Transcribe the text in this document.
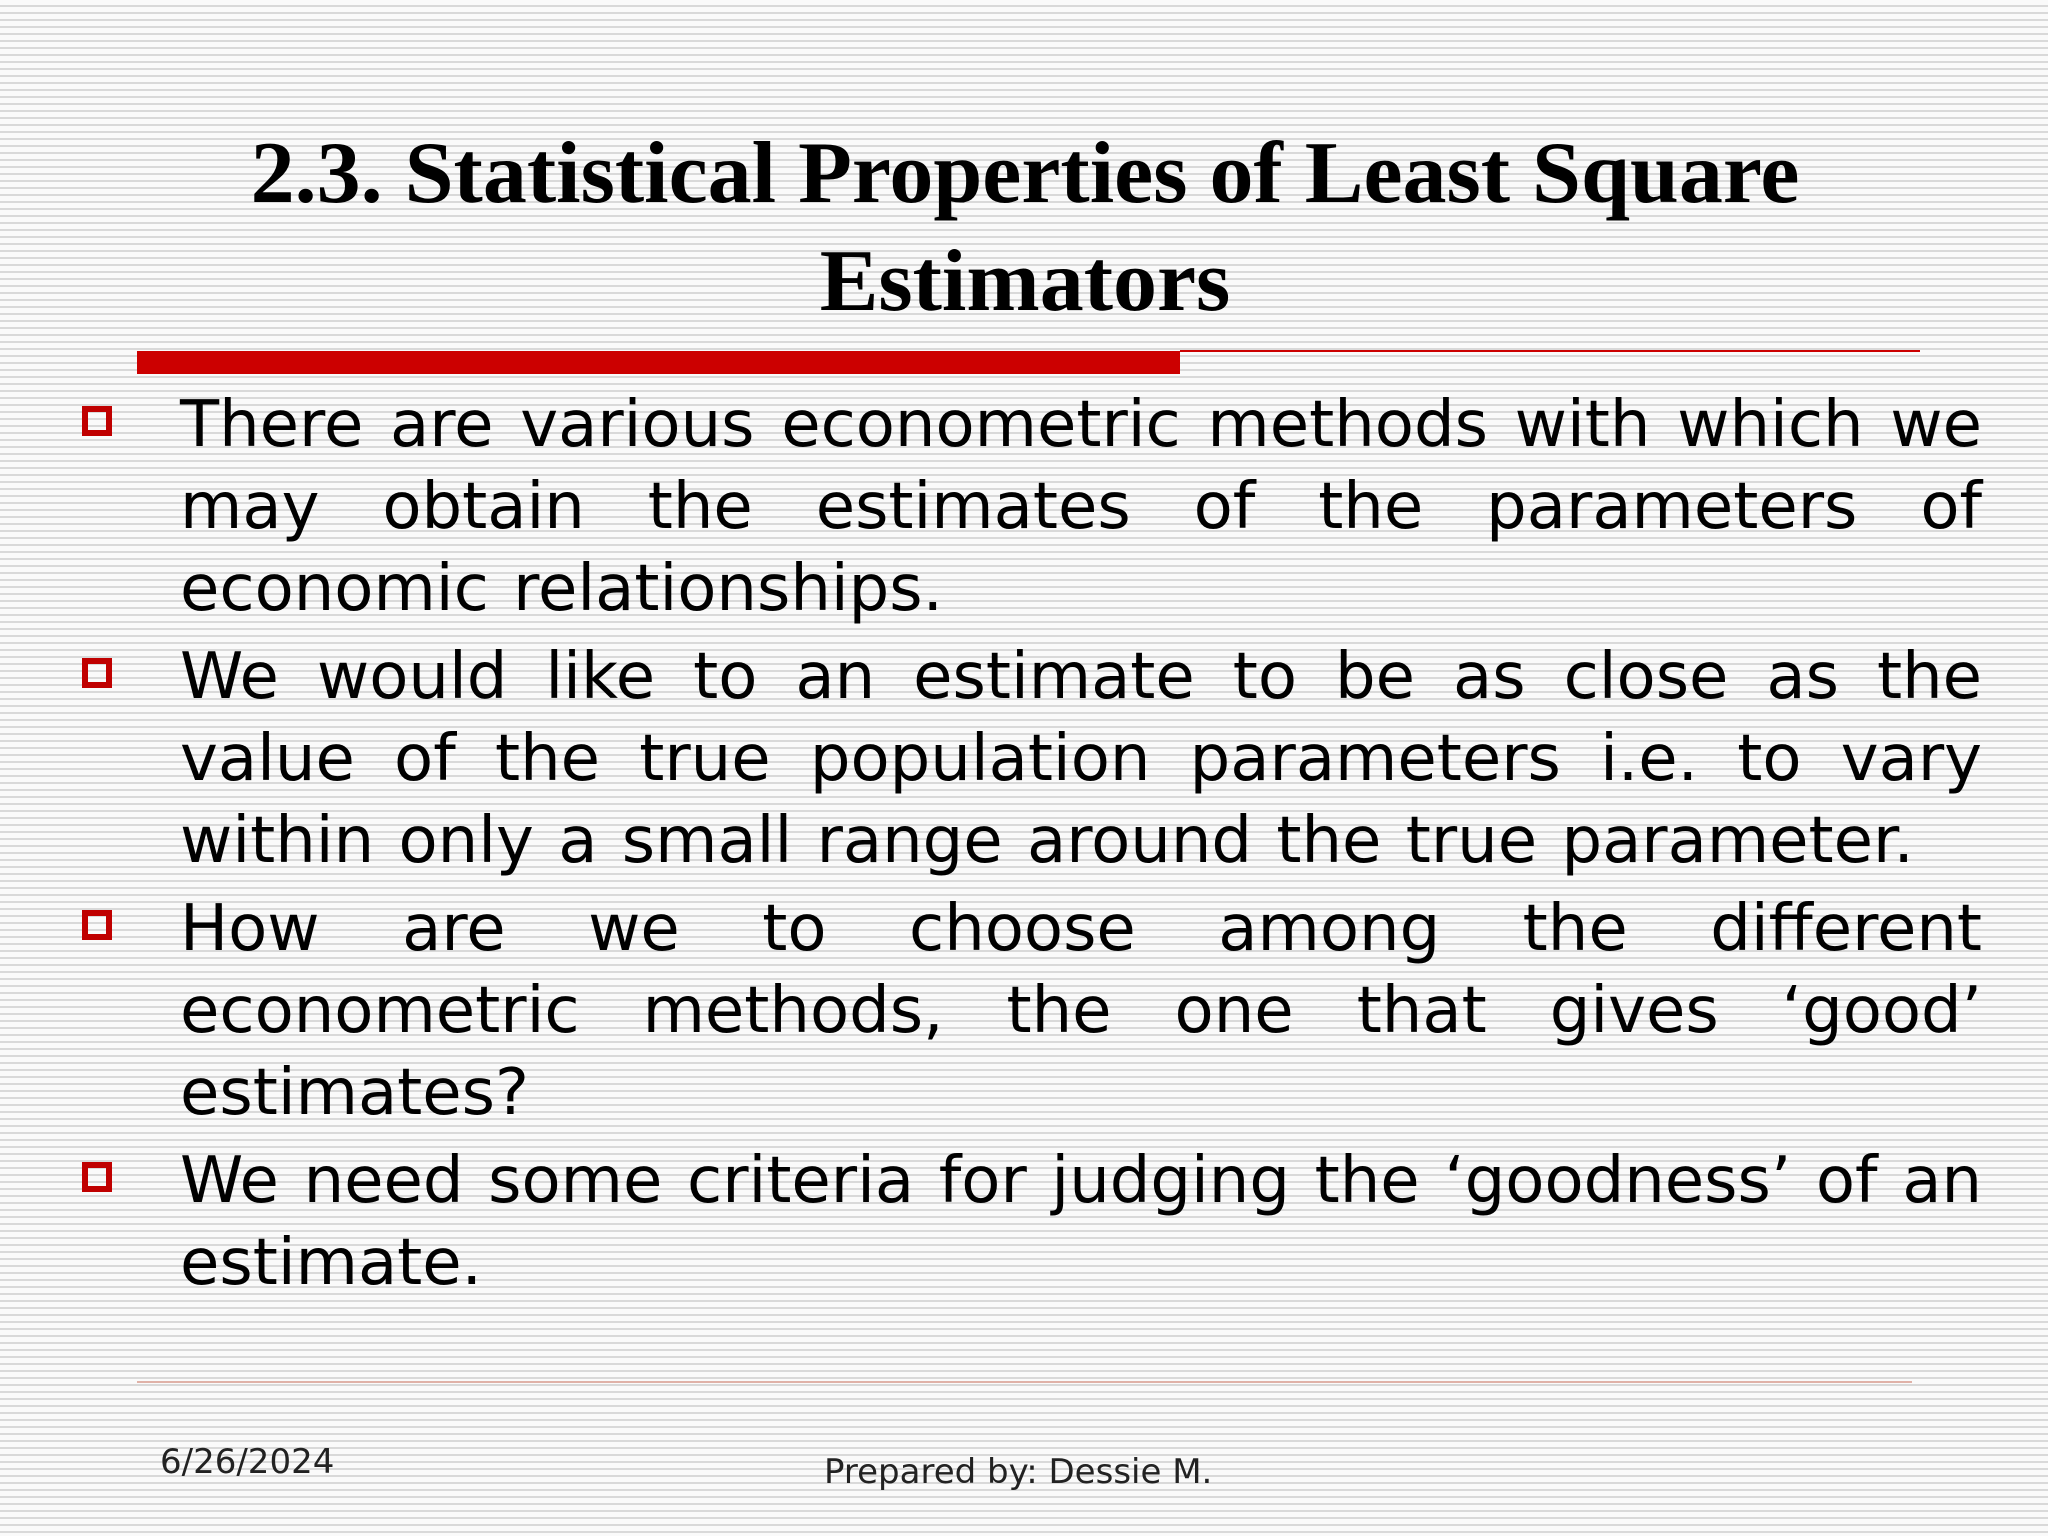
2.3. Statistical Properties of Least Square
Estimators
There are various econometric methods with which we may obtain the estimates of the parameters of economic relationships.
We would like to an estimate to be as close as the value of the true population parameters i.e. to vary within only a small range around the true parameter.
How are we to choose among the different econometric methods, the one that gives ‘good’ estimates?
We need some criteria for judging the ‘goodness’ of an estimate.
6/26/2024	Prepared by: Dessie M.
